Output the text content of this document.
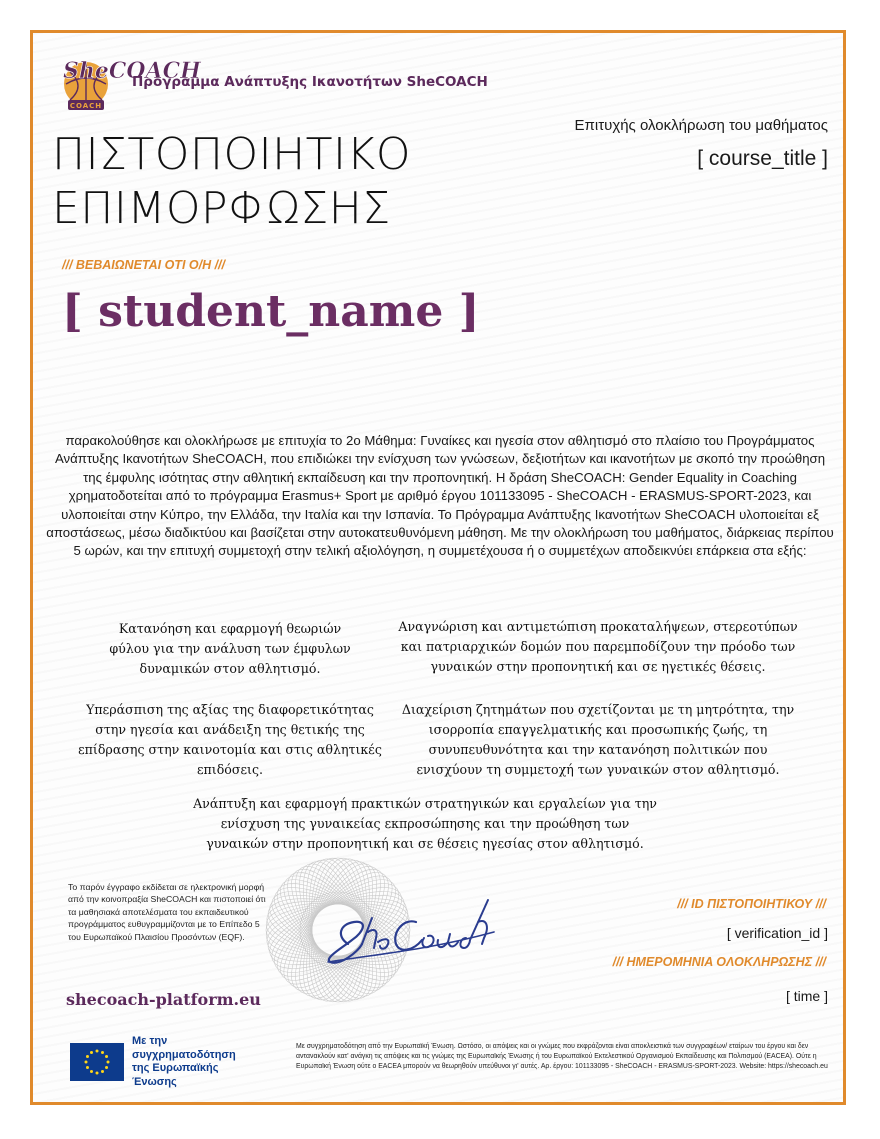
SheCOACH
COACH
Πρόγραμμα Ανάπτυξης Ικανοτήτων SheCOACH
ΠΙΣΤΟΠΟΙΗΤΙΚΟ
ΕΠΙΜΟΡΦΩΣΗΣ
/// ΒΕΒΑΙΩΝΕΤΑΙ ΟΤΙ Ο/Η ///
[ student_name ]
Επιτυχής ολοκλήρωση του μαθήματος
[ course_title ]
παρακολούθησε και ολοκλήρωσε με επιτυχία το 2ο Μάθημα: Γυναίκες και ηγεσία στον αθλητισμό στο πλαίσιο του Προγράμματος Ανάπτυξης Ικανοτήτων SheCOACH, που επιδιώκει την ενίσχυση των γνώσεων, δεξιοτήτων και ικανοτήτων με σκοπό την προώθηση της έμφυλης ισότητας στην αθλητική εκπαίδευση και την προπονητική. Η δράση SheCOACH: Gender Equality in Coaching χρηματοδοτείται από το πρόγραμμα Erasmus+ Sport με αριθμό έργου 101133095 - SheCOACH - ERASMUS-SPORT-2023, και υλοποιείται στην Κύπρο, την Ελλάδα, την Ιταλία και την Ισπανία. Το Πρόγραμμα Ανάπτυξης Ικανοτήτων SheCOACH υλοποιείται εξ αποστάσεως, μέσω διαδικτύου και βασίζεται στην αυτοκατευθυνόμενη μάθηση. Με την ολοκλήρωση του μαθήματος, διάρκειας περίπου 5 ωρών, και την επιτυχή συμμετοχή στην τελική αξιολόγηση, η συμμετέχουσα ή ο συμμετέχων αποδεικνύει επάρκεια στα εξής:
Κατανόηση και εφαρμογή θεωριών φύλου για την ανάλυση των έμφυλων δυναμικών στον αθλητισμό.
Αναγνώριση και αντιμετώπιση προκαταλήψεων, στερεοτύπων και πατριαρχικών δομών που παρεμποδίζουν την πρόοδο των γυναικών στην προπονητική και σε ηγετικές θέσεις.
Υπεράσπιση της αξίας της διαφορετικότητας στην ηγεσία και ανάδειξη της θετικής της επίδρασης στην καινοτομία και στις αθλητικές επιδόσεις.
Διαχείριση ζητημάτων που σχετίζονται με τη μητρότητα, την ισορροπία επαγγελματικής και προσωπικής ζωής, τη συνυπευθυνότητα και την κατανόηση πολιτικών που ενισχύουν τη συμμετοχή των γυναικών στον αθλητισμό.
Ανάπτυξη και εφαρμογή πρακτικών στρατηγικών και εργαλείων για την ενίσχυση της γυναικείας εκπροσώπησης και την προώθηση των γυναικών στην προπονητική και σε θέσεις ηγεσίας στον αθλητισμό.
Το παρόν έγγραφο εκδίδεται σε ηλεκτρονική μορφή από την κοινοπραξία SheCOACH και πιστοποιεί ότι τα μαθησιακά αποτελέσματα του εκπαιδευτικού προγράμματος ευθυγραμμίζονται με το Επίπεδο 5 του Ευρωπαϊκού Πλαισίου Προσόντων (EQF).
shecoach-platform.eu
/// ID ΠΙΣΤΟΠΟΙΗΤΙΚΟΥ ///
[ verification_id ]
/// ΗΜΕΡΟΜΗΝΙΑ ΟΛΟΚΛΗΡΩΣΗΣ ///
[ time ]
Με την συγχρηματοδότηση
της Ευρωπαϊκής Ένωσης
Με συγχρηματοδότηση από την Ευρωπαϊκή Ένωση. Ωστόσο, οι απόψεις και οι γνώμες που εκφράζονται είναι αποκλειστικά των συγγραφέων/ εταίρων του έργου και δεν αντανακλούν κατ' ανάγκη τις απόψεις και τις γνώμες της Ευρωπαϊκής Ένωσης ή του Ευρωπαϊκού Εκτελεστικού Οργανισμού Εκπαίδευσης και Πολιτισμού (EACEA). Ούτε η Ευρωπαϊκή Ένωση ούτε ο EACEA μπορούν να θεωρηθούν υπεύθυνοι γι' αυτές. Αρ. έργου: 101133095 - SheCOACH - ERASMUS-SPORT-2023. Website: https://shecoach.eu
